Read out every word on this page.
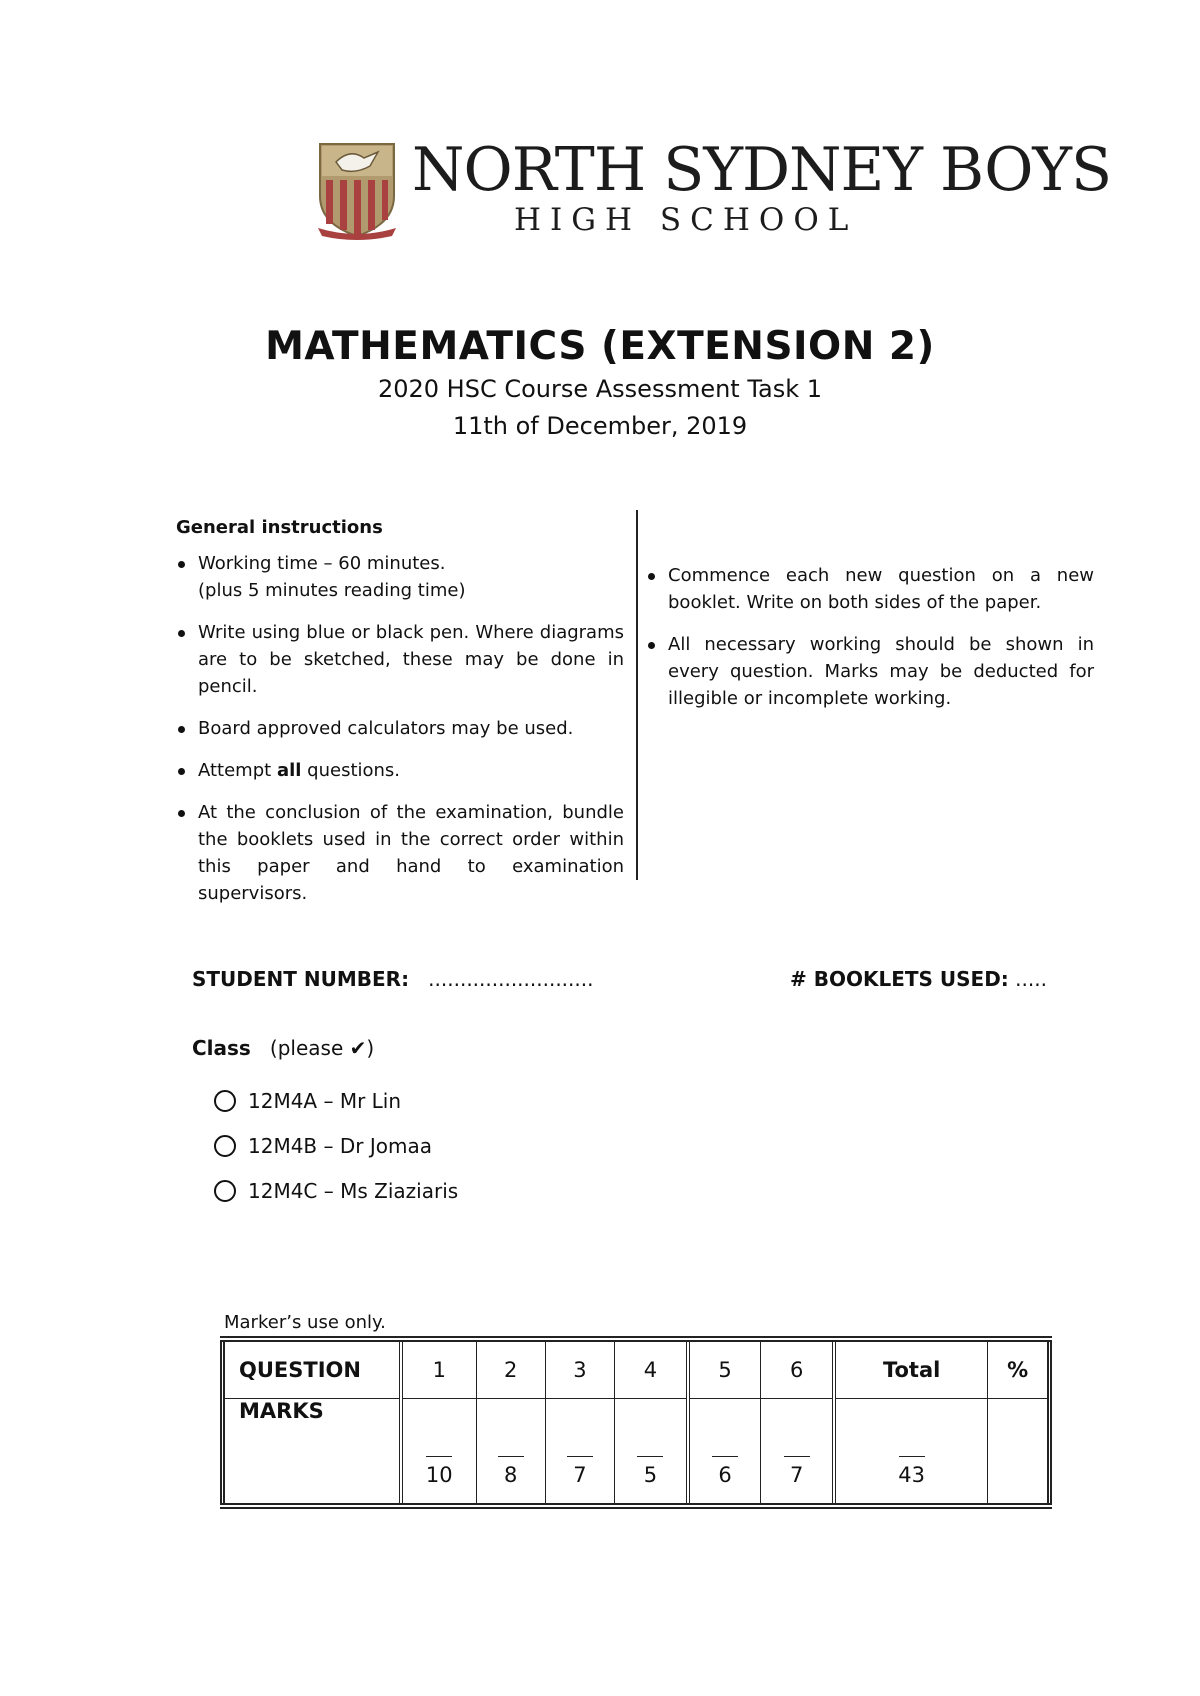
NORTH SYDNEY BOYS
HIGH SCHOOL
MATHEMATICS (EXTENSION 2)
2020 HSC Course Assessment Task 1
11th of December, 2019
General instructions
Working time – 60 minutes.
(plus 5 minutes reading time)
Write using blue or black pen. Where diagrams are to be sketched, these may be done in pencil.
Board approved calculators may be used.
Attempt all questions.
At the conclusion of the examination, bundle the booklets used in the correct order within this paper and hand to examination supervisors.
Commence each new question on a new booklet. Write on both sides of the paper.
All necessary working should be shown in every question. Marks may be deducted for illegible or incomplete working.
STUDENT NUMBER: ..........................	# BOOKLETS USED: .....
Class (please ✔)
12M4A – Mr Lin
12M4B – Dr Jomaa
12M4C – Ms Ziaziaris
Marker’s use only.
QUESTION	1	2	3	4	5	6	Total	%
MARKS	10	8	7	5	6	7	43	
